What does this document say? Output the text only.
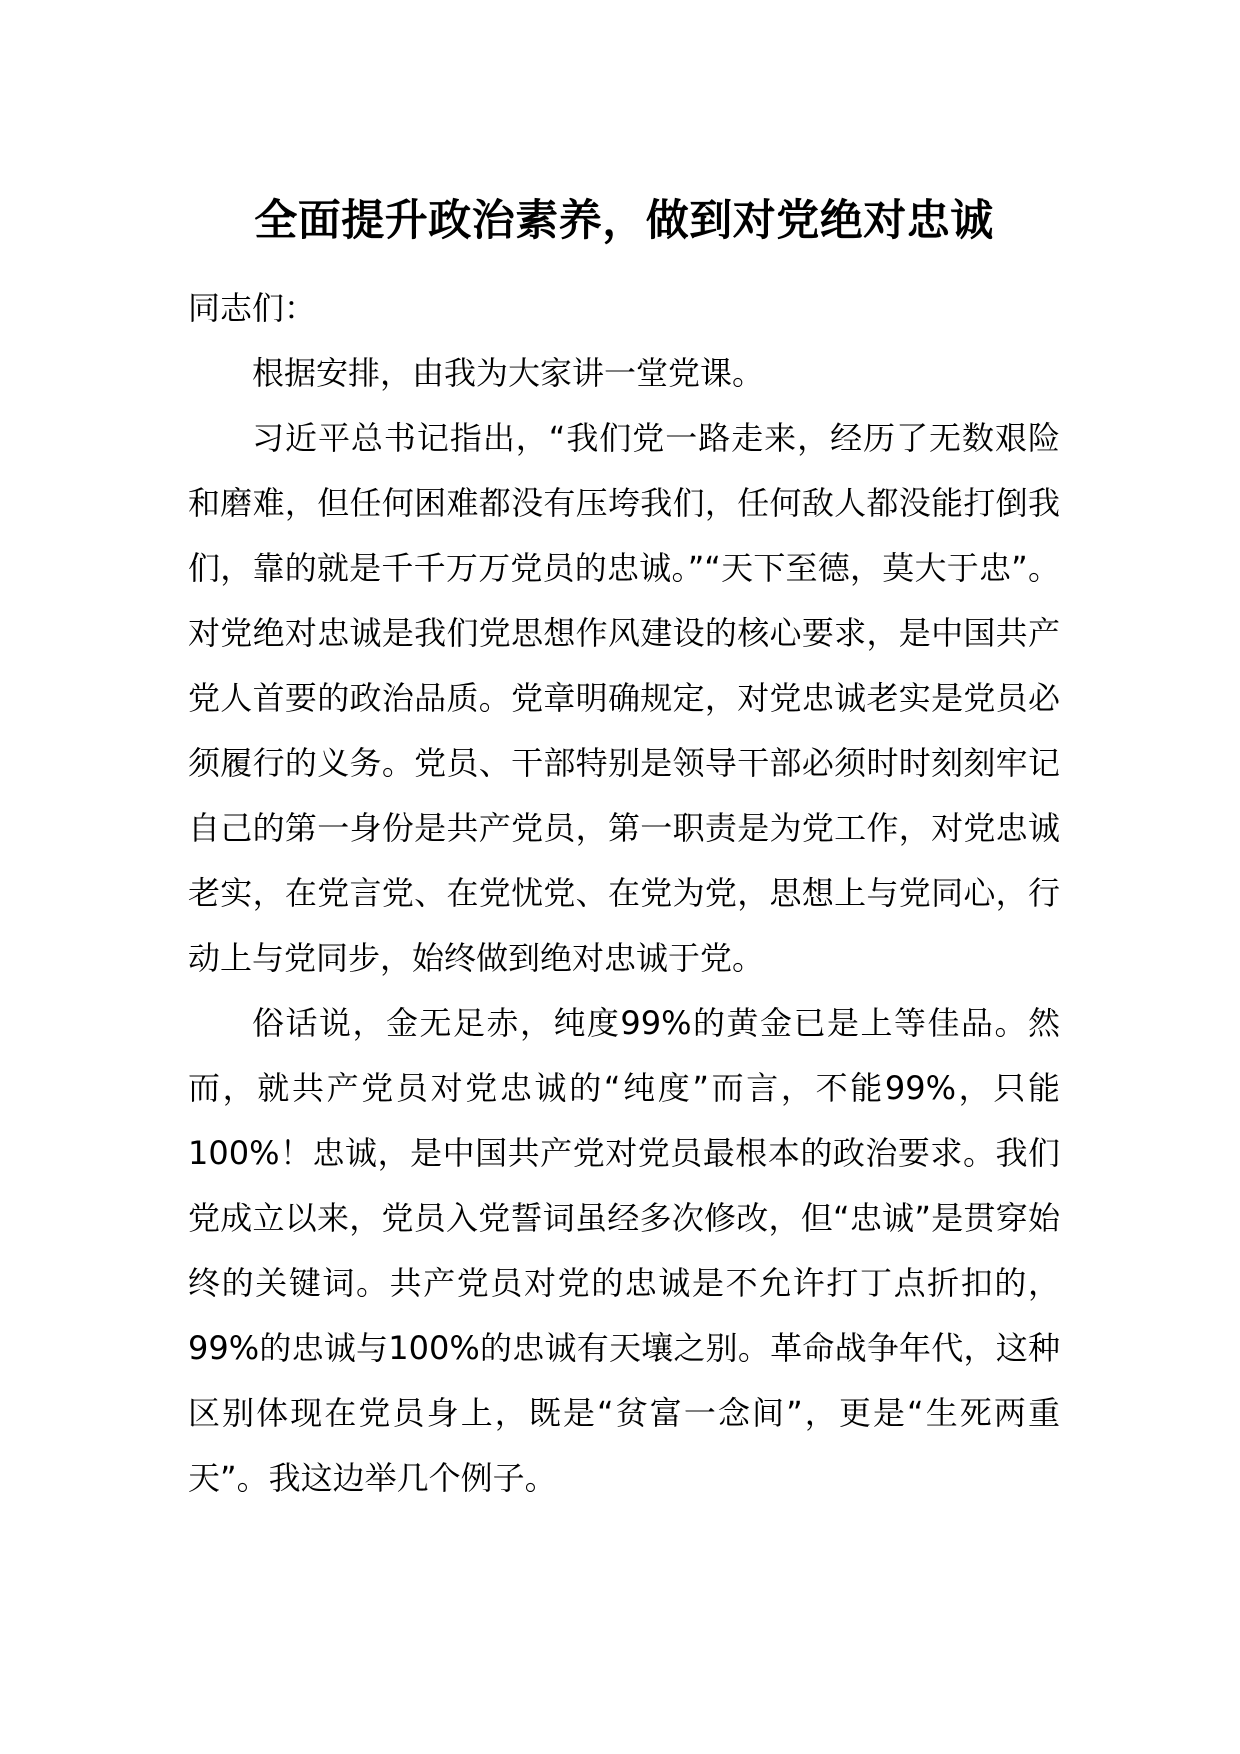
全面提升政治素养，做到对党绝对忠诚

同志们：

根据安排，由我为大家讲一堂党课。

习近平总书记指出，“我们党一路走来，经历了无数艰险和磨难，但任何困难都没有压垮我们，任何敌人都没能打倒我们，靠的就是千千万万党员的忠诚。”“天下至德，莫大于忠”。对党绝对忠诚是我们党思想作风建设的核心要求，是中国共产党人首要的政治品质。党章明确规定，对党忠诚老实是党员必须履行的义务。党员、干部特别是领导干部必须时时刻刻牢记自己的第一身份是共产党员，第一职责是为党工作，对党忠诚老实，在党言党、在党忧党、在党为党，思想上与党同心，行动上与党同步，始终做到绝对忠诚于党。

俗话说，金无足赤，纯度99%的黄金已是上等佳品。然而，就共产党员对党忠诚的“纯度”而言，不能99%，只能100%！忠诚，是中国共产党对党员最根本的政治要求。我们党成立以来，党员入党誓词虽经多次修改，但“忠诚”是贯穿始终的关键词。共产党员对党的忠诚是不允许打丁点折扣的，99%的忠诚与100%的忠诚有天壤之别。革命战争年代，这种区别体现在党员身上，既是“贫富一念间”，更是“生死两重天”。我这边举几个例子。
